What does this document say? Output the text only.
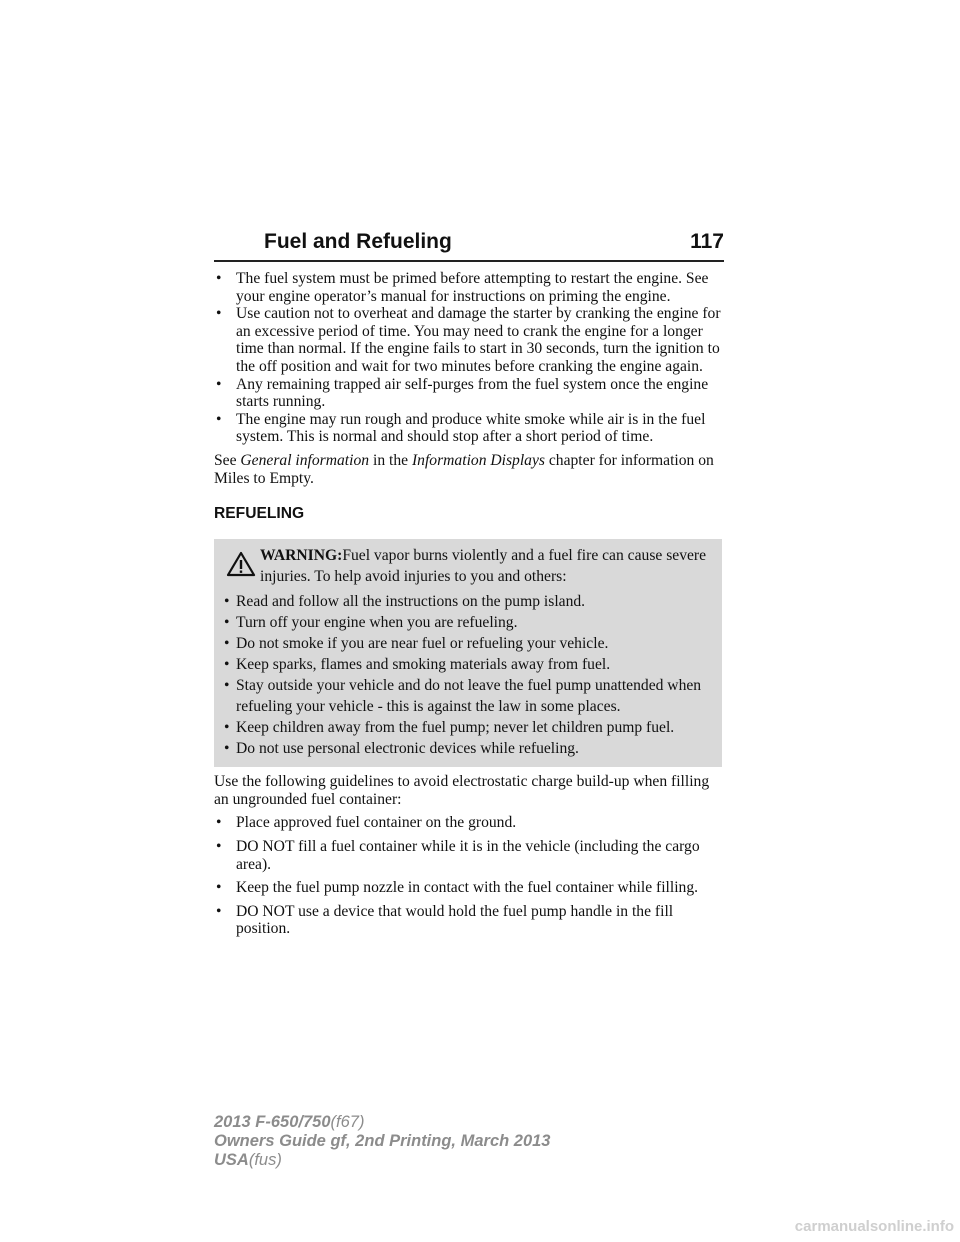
Fuel and Refueling	117
• The fuel system must be primed before attempting to restart the engine. See your engine operator’s manual for instructions on priming the engine.
• Use caution not to overheat and damage the starter by cranking the engine for an excessive period of time. You may need to crank the engine for a longer time than normal. If the engine fails to start in 30 seconds, turn the ignition to the off position and wait for two minutes before cranking the engine again.
• Any remaining trapped air self-purges from the fuel system once the engine starts running.
• The engine may run rough and produce white smoke while air is in the fuel system. This is normal and should stop after a short period of time.

See General information in the Information Displays chapter for information on Miles to Empty.

REFUELING
WARNING:Fuel vapor burns violently and a fuel fire can cause severe injuries. To help avoid injuries to you and others:
• Read and follow all the instructions on the pump island.
• Turn off your engine when you are refueling.
• Do not smoke if you are near fuel or refueling your vehicle.
• Keep sparks, flames and smoking materials away from fuel.
• Stay outside your vehicle and do not leave the fuel pump unattended when refueling your vehicle - this is against the law in some places.
• Keep children away from the fuel pump; never let children pump fuel.
• Do not use personal electronic devices while refueling.

Use the following guidelines to avoid electrostatic charge build-up when filling an ungrounded fuel container:

• Place approved fuel container on the ground.
• DO NOT fill a fuel container while it is in the vehicle (including the cargo area).
• Keep the fuel pump nozzle in contact with the fuel container while filling.
• DO NOT use a device that would hold the fuel pump handle in the fill position.
2013 F-650/750(f67)
Owners Guide gf, 2nd Printing, March 2013
USA(fus)
carmanualsonline.info
